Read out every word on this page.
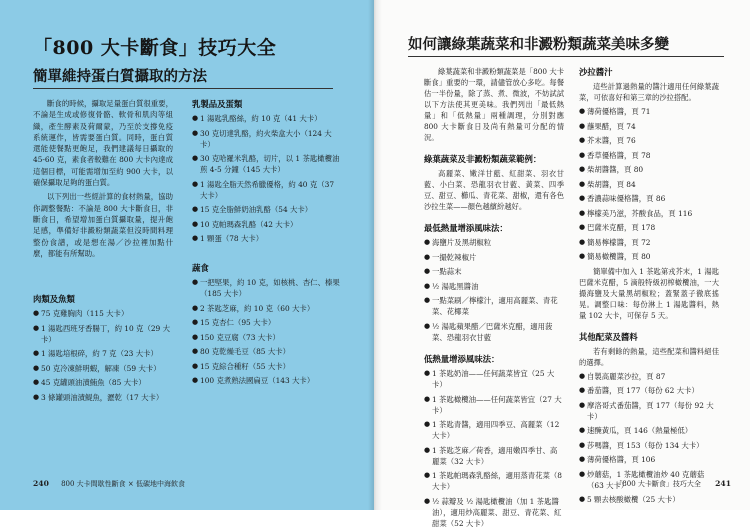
「800 大卡斷食」技巧大全
簡單維持蛋白質攝取的方法

斷食的時候，攝取足量蛋白質很重要，不論是生成或修復骨骼、軟骨和肌肉等組織，產生酵素及荷爾蒙，乃至於支撐免疫系統運作，皆需要蛋白質。同時，蛋白質還能使餐點更飽足，我們建議每日攝取的 45-60 克，素食者較難在 800 大卡內達成這個目標，可能需增加至約 900 大卡，以確保攝取足夠的蛋白質。

以下列出一些經計算的食材熱量，協助你調整餐點：不論是 800 大卡斷食日，非斷食日，希望增加蛋白質攝取量，提升飽足感，準備好非澱粉類蔬菜但沒時間料理整份食譜，或是想在湯／沙拉裡加點什麼，都能有所幫助。

肉類及魚類
● 75 克雞胸肉（115 大卡）
● 1 湯匙西班牙香腸丁，約 10 克（29 大卡）
● 1 湯匙培根碎，約 7 克（23 大卡）
● 50 克冷凍鮮明蝦，解凍（59 大卡）
● 45 克罐頭油漬鮪魚（85 大卡）
● 3 條罐頭油漬鯷魚，瀝乾（17 大卡）
乳製品及蛋類
● 1 湯匙乳酪絲，約 10 克（41 大卡）
● 30 克切達乳酪，約火柴盒大小（124 大卡）
● 30 克哈羅米乳酪，切片，以 1 茶匙橄欖油煎 4-5 分鐘（145 大卡）
● 1 湯匙全脂天然希臘優格，約 40 克（37 大卡）
● 15 克全脂鮮奶油乳酪（54 大卡）
● 10 克帕瑪森乳酪（42 大卡）
● 1 顆蛋（78 大卡）
蔬食
● 一把堅果，約 10 克，如核桃、杏仁、榛果（185 大卡）
● 2 茶匙芝麻，約 10 克（60 大卡）
● 15 克杏仁（95 大卡）
● 150 克豆腐（73 大卡）
● 80 克乾燥毛豆（85 大卡）
● 15 克綜合種籽（55 大卡）
● 100 克煮熟法國扁豆（143 大卡）
240 800 大卡間歇性斷食 × 低碳地中海飲食
如何讓綠葉蔬菜和非澱粉類蔬菜美味多變

綠葉蔬菜和非澱粉類蔬菜是「800 大卡斷食」重要的一環，請儘管放心多吃。每餐估一半份量，除了蒸、煮、微波，不妨試試以下方法使其更美味。我們列出「最低熱量」和「低熱量」兩種調理，分別對應 800 大卡斷食日及尚有熱量可分配的情況。

綠葉蔬菜及非澱粉類蔬菜範例：

高麗菜、嫩洋甘藍、紅甜菜、羽衣甘藍、小白菜、恐龍羽衣甘藍、黃菜、四季豆、甜豆、櫛瓜、青花菜、甜椒，還有各色沙拉生菜——顏色越繽紛越好。

最低熱量增添風味法：
● 海鹽片及黑胡椒粒
● 一撮乾辣椒片
● 一點蒜末
● ½ 湯匙黑醬油
● 一點菜刷／檸檬汁，適用高麗菜、青花菜、花椰菜
● ½ 湯匙蘋果醋／巴薩米克醋，適用菠菜、恐龍羽衣甘藍
低熱量增添風味法：
● 1 茶匙奶油——任何蔬菜皆宜（25 大卡）
● 1 茶匙橄欖油——任何蔬菜皆宜（27 大卡）
● 1 茶匙青醬，適用四季豆、高麗菜（12 大卡）
● 1 茶匙芝麻／荷香，適用嫩四季甘、高麗菜（32 大卡）
● 1 茶匙帕瑪森乳酪絲，適用蒸青花菜（8 大卡）
● ½ 蒜瓣及 ½ 湯匙橄欖油（加 1 茶匙醬油），適用炒高麗菜、甜豆、青花菜、紅甜菜（52 大卡）
沙拉醬汁

這些計算過熱量的醬汁適用任何綠葉蔬菜，可依喜好和第三章的沙拉搭配。

● 薄荷優格醬，頁 71
● 蘸果醋，頁 74
● 芥末醬，頁 76
● 香草優格醬，頁 78
● 柴胡醬醬，頁 80
● 柴胡醬，頁 84
● 香濃蒜味優格醬，頁 86
● 檸檬美乃滋，芥酸食品，頁 116
● 巴薩米克醋，頁 178
● 簡易檸檬醬，頁 72
● 簡易橄欖醬，頁 80

簡單備中加入 1 茶匙第戎芥末，1 湯匙巴薩米克醋，5 滴般特級初榨橄欖油，一大撮海鹽及大量黑胡椒粒；蓋緊蓋子徹底搖晃。調整口味：每份淋上 1 湯匙醬料，熱量 102 大卡，可保存 5 天。

其他配菜及醬料

若有剩餘的熱量，這些配菜和醬料絕佳的選擇。

● 自製高麗菜沙拉，頁 87
● 番茄醬，頁 177（每份 62 大卡）
● 摩洛哥式番茄醬，頁 177（每份 92 大卡）
● 速醃黃瓜，頁 146（熱量極低）
● 莎嗎醬，頁 153（每份 134 大卡）
● 薄荷優格醬，頁 106
● 炒蘑菇，1 茶匙橄欖油炒 40 克蘑菇（63 大卡）
● 5 顆去核酸橄欖（25 大卡）
「800 大卡斷食」技巧大全 241
